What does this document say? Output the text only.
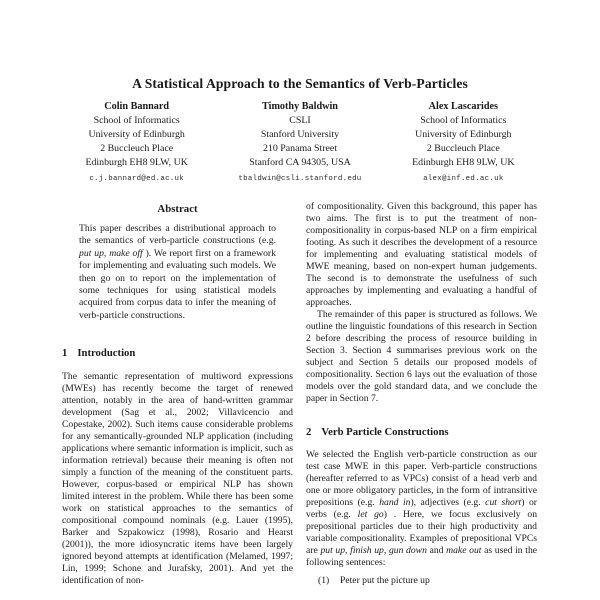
A Statistical Approach to the Semantics of Verb-Particles
Colin Bannard
School of Informatics
University of Edinburgh
2 Buccleuch Place
Edinburgh EH8 9LW, UK
c.j.bannard@ed.ac.uk
Timothy Baldwin
CSLI
Stanford University
210 Panama Street
Stanford CA 94305, USA
tbaldwin@csli.stanford.edu
Alex Lascarides
School of Informatics
University of Edinburgh
2 Buccleuch Place
Edinburgh EH8 9LW, UK
alex@inf.ed.ac.uk
Abstract

This paper describes a distributional approach to the semantics of verb-particle constructions (e.g. put up, make off ). We report first on a framework for implementing and evaluating such models. We then go on to report on the implementation of some techniques for using statistical models acquired from corpus data to infer the meaning of verb-particle constructions.

1 Introduction

The semantic representation of multiword expressions (MWEs) has recently become the target of renewed attention, notably in the area of hand-written grammar development (Sag et al., 2002; Villavicencio and Copestake, 2002). Such items cause considerable problems for any semantically-grounded NLP application (including applications where semantic information is implicit, such as information retrieval) because their meaning is often not simply a function of the meaning of the constituent parts. However, corpus-based or empirical NLP has shown limited interest in the problem. While there has been some work on statistical approaches to the semantics of compositional compound nominals (e.g. Lauer (1995), Barker and Szpakowicz (1998), Rosario and Hearst (2001)), the more idiosyncratic items have been largely ignored beyond attempts at identification (Melamed, 1997; Lin, 1999; Schone and Jurafsky, 2001). And yet the identification of non-

of compositionality. Given this background, this paper has two aims. The first is to put the treatment of non-compositionality in corpus-based NLP on a firm empirical footing. As such it describes the development of a resource for implementing and evaluating statistical models of MWE meaning, based on non-expert human judgements. The second is to demonstrate the usefulness of such approaches by implementing and evaluating a handful of approaches.

The remainder of this paper is structured as follows. We outline the linguistic foundations of this research in Section 2 before describing the process of resource building in Section 3. Section 4 summarises previous work on the subject and Section 5 details our proposed models of compositionality. Section 6 lays out the evaluation of those models over the gold standard data, and we conclude the paper in Section 7.

2 Verb Particle Constructions

We selected the English verb-particle construction as our test case MWE in this paper. Verb-particle constructions (hereafter referred to as VPCs) consist of a head verb and one or more obligatory particles, in the form of intransitive prepositions (e.g. hand in), adjectives (e.g. cut short) or verbs (e.g. let go) . Here, we focus exclusively on prepositional particles due to their high productivity and variable compositionality. Examples of prepositional VPCs are put up, finish up, gun down and make out as used in the following sentences:

(1)	Peter put the picture up
